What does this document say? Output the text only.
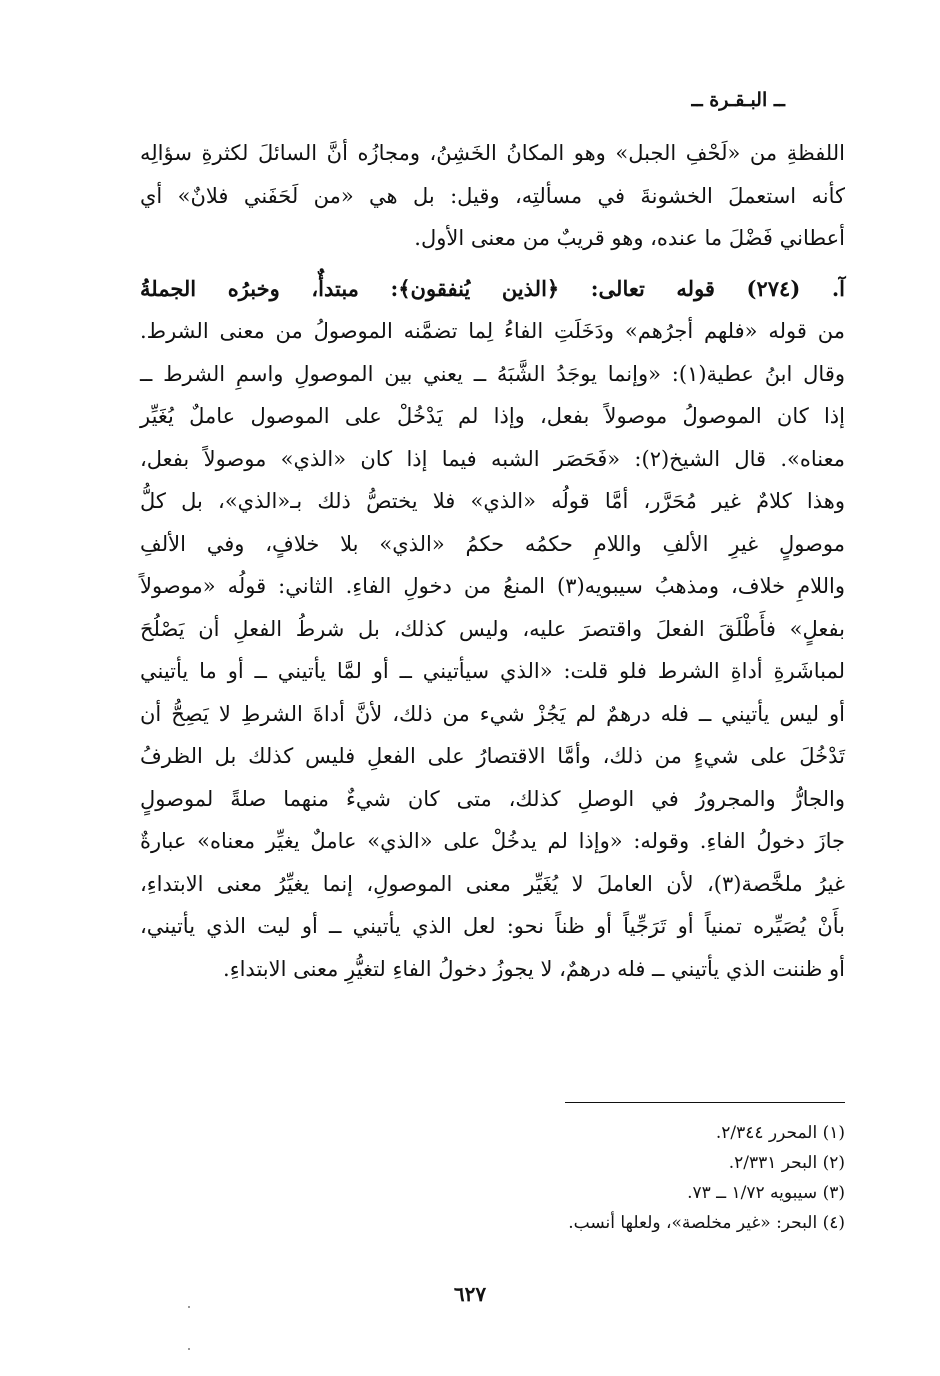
ــ البـقـرة ــ
اللفظةِ من «لَحْفِ الجبل» وهو المكانُ الخَشِنُ، ومجازُه أنَّ السائلَ لكثرةِ سؤالِه
كأنه استعملَ الخشونةَ في مسألتِه، وقيل: بل هي «من لَحَفَني فلانٌ» أي
أعطاني فَضْلَ ما عنده، وهو قريبٌ من معنى الأول.
آ. (٢٧٤) قوله تعالى: ﴿الذين يُنفقون﴾: مبتدأٌ، وخبرُه الجملةُ
من قوله «فلهم أجرُهم» ودَخَلَتِ الفاءُ لِما تضمَّنه الموصولُ من معنى الشرط.
وقال ابنُ عطية(١): «وإنما يوجَدُ الشَّبَهُ ــ يعني بين الموصولِ واسمِ الشرط ــ
إذا كان الموصولُ موصولاً بفعل، وإذا لم يَدْخُلْ على الموصول عاملٌ يُغَيِّر
معناه». قال الشيخ(٢): «فَحَصَر الشبه فيما إذا كان «الذي» موصولاً بفعل،
وهذا كلامٌ غير مُحَرَّر، أمَّا قولُه «الذي» فلا يختصُّ ذلك بـ«الذي»، بل كلُّ
موصولٍ غيرِ الألفِ واللامِ حكمُه حكمُ «الذي» بلا خلافٍ، وفي الألفِ
واللامِ خلاف، ومذهبُ سيبويه(٣) المنعُ من دخولِ الفاءِ. الثاني: قولُه «موصولاً
بفعلٍ» فأَطْلَقَ الفعلَ واقتصرَ عليه، وليس كذلك، بل شرطُ الفعلِ أن يَصْلُحَ
لمباشَرةِ أداةِ الشرط فلو قلت: «الذي سيأتيني ــ أو لمَّا يأتيني ــ أو ما يأتيني
أو ليس يأتيني ــ فله درهمٌ لم يَجُزْ شيء من ذلك، لأنَّ أداةَ الشرطِ لا يَصِحُّ أن
تَدْخُلَ على شيءٍ من ذلك، وأمَّا الاقتصارُ على الفعلِ فليس كذلك بل الظرفُ
والجارُّ والمجرورُ في الوصلِ كذلك، متى كان شيءٌ منهما صلةً لموصولٍ
جازَ دخولُ الفاءِ. وقوله: «وإذا لم يدخُلْ على «الذي» عاملٌ يغيِّر معناه» عبارةٌ
غيرُ ملخَّصة(٣)، لأن العاملَ لا يُغَيِّر معنى الموصولِ، إنما يغيِّرُ معنى الابتداءِ،
بأَنْ يُصَيِّره تمنياً أو تَرَجِّياً أو ظناً نحو: لعل الذي يأتيني ــ أو ليت الذي يأتيني،
أو ظننت الذي يأتيني ــ فله درهمٌ، لا يجوزُ دخولُ الفاءِ لتغيُّرِ معنى الابتداءِ.
(١) المحرر ٢/٣٤٤.
(٢) البحر ٢/٣٣١.
(٣) سيبويه ١/٧٢ ــ ٧٣.
(٤) البحر: «غير مخلصة»، ولعلها أنسب.
٦٢٧
